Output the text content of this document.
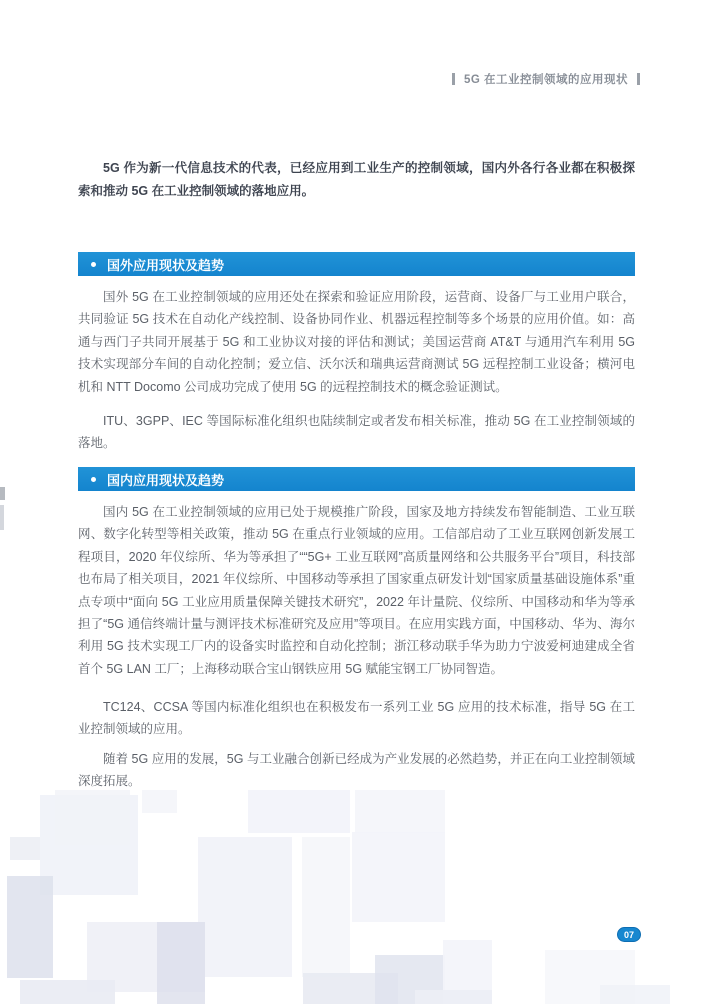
5G 在工业控制领域的应用现状

5G 作为新一代信息技术的代表，已经应用到工业生产的控制领域，国内外各行各业都在积极探索和推动 5G 在工业控制领域的落地应用。

国外应用现状及趋势

国外 5G 在工业控制领域的应用还处在探索和验证应用阶段，运营商、设备厂与工业用户联合，共同验证 5G 技术在自动化产线控制、设备协同作业、机器远程控制等多个场景的应用价值。如：高通与西门子共同开展基于 5G 和工业协议对接的评估和测试；美国运营商 AT&T 与通用汽车利用 5G 技术实现部分车间的自动化控制；爱立信、沃尔沃和瑞典运营商测试 5G 远程控制工业设备；横河电机和 NTT Docomo 公司成功完成了使用 5G 的远程控制技术的概念验证测试。

ITU、3GPP、IEC 等国际标准化组织也陆续制定或者发布相关标准，推动 5G 在工业控制领域的落地。

国内应用现状及趋势

国内 5G 在工业控制领域的应用已处于规模推广阶段，国家及地方持续发布智能制造、工业互联网、数字化转型等相关政策，推动 5G 在重点行业领域的应用。工信部启动了工业互联网创新发展工程项目，2020 年仪综所、华为等承担了““5G+ 工业互联网”高质量网络和公共服务平台”项目，科技部也布局了相关项目，2021 年仪综所、中国移动等承担了国家重点研发计划“国家质量基础设施体系”重点专项中“面向 5G 工业应用质量保障关键技术研究”，2022 年计量院、仪综所、中国移动和华为等承担了“5G 通信终端计量与测评技术标准研究及应用”等项目。在应用实践方面，中国移动、华为、海尔利用 5G 技术实现工厂内的设备实时监控和自动化控制；浙江移动联手华为助力宁波爱柯迪建成全省首个 5G LAN 工厂；上海移动联合宝山钢铁应用 5G 赋能宝钢工厂协同智造。

TC124、CCSA 等国内标准化组织也在积极发布一系列工业 5G 应用的技术标准，指导 5G 在工业控制领域的应用。

随着 5G 应用的发展，5G 与工业融合创新已经成为产业发展的必然趋势，并正在向工业控制领域深度拓展。

07
